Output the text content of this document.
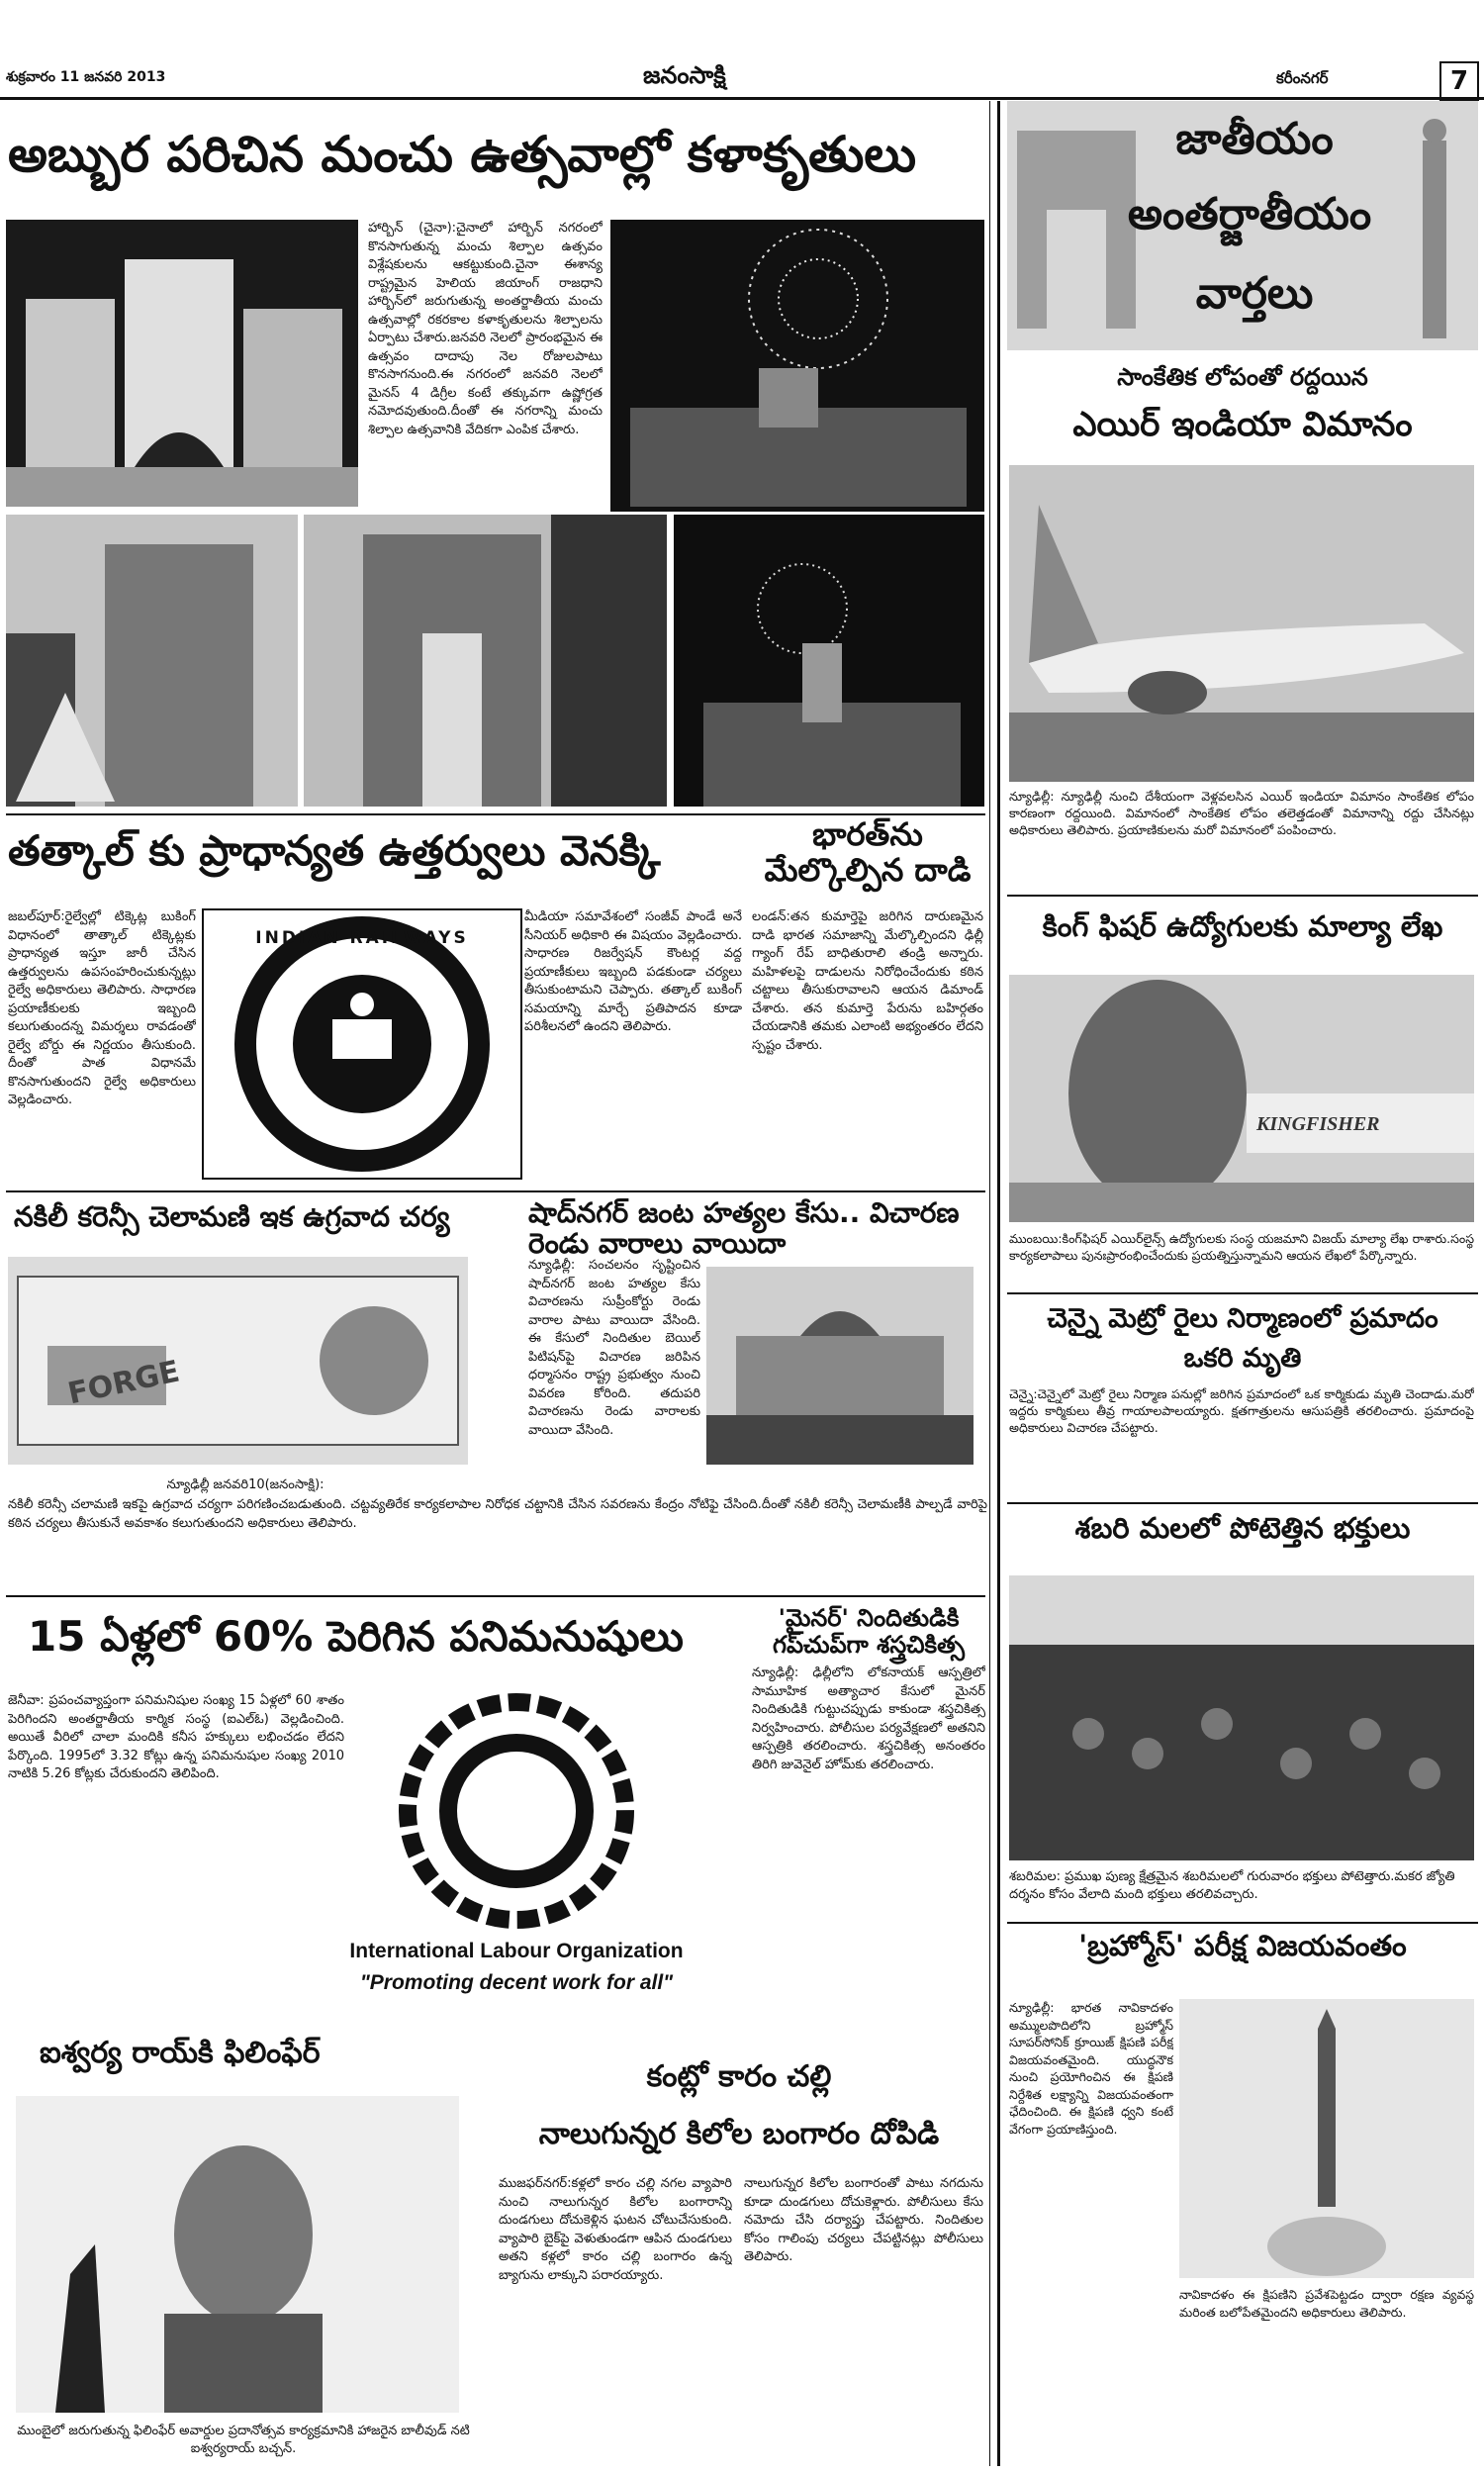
శుక్రవారం 11 జనవరి 2013	జనంసాక్షి	కరీంనగర్	7
అబ్బుర పరిచిన మంచు ఉత్సవాల్లో కళాకృతులు
హార్బిన్ (చైనా):చైనాలో హార్బిన్ నగరంలో కొనసాగుతున్న మంచు శిల్పాల ఉత్సవం విశ్లేషకులను ఆకట్టుకుంది.చైనా ఈశాన్య రాష్ట్రమైన హెలియ జియాంగ్ రాజధాని హార్బిన్‌లో జరుగుతున్న అంతర్జాతీయ మంచు ఉత్సవాల్లో రకరకాల కళాకృతులను శిల్పాలను ఏర్పాటు చేశారు.జనవరి నెలలో ప్రారంభమైన ఈ ఉత్సవం దాదాపు నెల రోజులపాటు కొనసాగనుంది.ఈ నగరంలో జనవరి నెలలో మైనస్ 4 డిగ్రీల కంటే తక్కువగా ఉష్ణోగ్రత నమోదవుతుంది.దీంతో ఈ నగరాన్ని మంచు శిల్పాల ఉత్సవానికి వేదికగా ఎంపిక చేశారు.
తత్కాల్ కు ప్రాధాన్యత ఉత్తర్వులు వెనక్కి	భారత్‌ను మేల్కొల్పిన దాడి
జబల్‌పూర్:రైల్వేల్లో టిక్కెట్ల బుకింగ్ విధానంలో తాత్కాల్ టిక్కెట్లకు ప్రాధాన్యత ఇస్తూ జారీ చేసిన ఉత్తర్వులను ఉపసంహరించుకున్నట్లు రైల్వే అధికారులు తెలిపారు. సాధారణ ప్రయాణీకులకు ఇబ్బంది కలుగుతుందన్న విమర్శలు రావడంతో రైల్వే బోర్డు ఈ నిర్ణయం తీసుకుంది. దీంతో పాత విధానమే కొనసాగుతుందని రైల్వే అధికారులు వెల్లడించారు.
INDIAN RAILWAYS
మీడియా సమావేశంలో సంజీవ్ పాండే అనే సీనియర్ అధికారి ఈ విషయం వెల్లడించారు. సాధారణ రిజర్వేషన్ కౌంటర్ల వద్ద ప్రయాణీకులు ఇబ్బంది పడకుండా చర్యలు తీసుకుంటామని చెప్పారు. తత్కాల్ బుకింగ్ సమయాన్ని మార్చే ప్రతిపాదన కూడా పరిశీలనలో ఉందని తెలిపారు.
లండన్:తన కుమార్తెపై జరిగిన దారుణమైన దాడి భారత సమాజాన్ని మేల్కొల్పిందని ఢిల్లీ గ్యాంగ్ రేప్ బాధితురాలి తండ్రి అన్నారు. మహిళలపై దాడులను నిరోధించేందుకు కఠిన చట్టాలు తీసుకురావాలని ఆయన డిమాండ్ చేశారు. తన కుమార్తె పేరును బహిర్గతం చేయడానికి తమకు ఎలాంటి అభ్యంతరం లేదని స్పష్టం చేశారు.
నకిలీ కరెన్సీ చెలామణి ఇక ఉగ్రవాద చర్య	షాద్‌నగర్ జంట హత్యల కేసు.. విచారణ రెండు వారాలు వాయిదా
FORGE
న్యూఢిల్లీ జనవరి10(జనంసాక్షి):
నకిలీ కరెన్సీ చలామణి ఇకపై ఉగ్రవాద చర్యగా పరిగణించబడుతుంది. చట్టవ్యతిరేక కార్యకలాపాల నిరోధక చట్టానికి చేసిన సవరణను కేంద్రం నోటిఫై చేసింది.దీంతో నకిలీ కరెన్సీ చెలామణీకి పాల్పడే వారిపై కఠిన చర్యలు తీసుకునే అవకాశం కలుగుతుందని అధికారులు తెలిపారు.
న్యూఢిల్లీ: సంచలనం సృష్టించిన షాద్‌నగర్ జంట హత్యల కేసు విచారణను సుప్రీంకోర్టు రెండు వారాల పాటు వాయిదా వేసింది. ఈ కేసులో నిందితుల బెయిల్ పిటిషన్‌పై విచారణ జరిపిన ధర్మాసనం రాష్ట్ర ప్రభుత్వం నుంచి వివరణ కోరింది. తదుపరి విచారణను రెండు వారాలకు వాయిదా వేసింది.
15 ఏళ్లలో 60% పెరిగిన పనిమనుషులు	'మైనర్' నిందితుడికి గప్‌చుప్‌గా శస్త్రచికిత్స
జెనీవా: ప్రపంచవ్యాప్తంగా పనిమనిషుల సంఖ్య 15 ఏళ్లలో 60 శాతం పెరిగిందని అంతర్జాతీయ కార్మిక సంస్థ (ఐఎల్‌ఓ) వెల్లడించింది. అయితే వీరిలో చాలా మందికి కనీస హక్కులు లభించడం లేదని పేర్కొంది. 1995లో 3.32 కోట్లు ఉన్న పనిమనుషుల సంఖ్య 2010 నాటికి 5.26 కోట్లకు చేరుకుందని తెలిపింది.
International Labour Organization
"Promoting decent work for all"
న్యూఢిల్లీ: ఢిల్లీలోని లోకనాయక్ ఆస్పత్రిలో సామూహిక అత్యాచార కేసులో మైనర్ నిందితుడికి గుట్టుచప్పుడు కాకుండా శస్త్రచికిత్స నిర్వహించారు. పోలీసుల పర్యవేక్షణలో అతనిని ఆస్పత్రికి తరలించారు. శస్త్రచికిత్స అనంతరం తిరిగి జువెనైల్ హోమ్‌కు తరలించారు.
ఐశ్వర్య రాయ్‌కి ఫిలింఫేర్
ముంబైలో జరుగుతున్న ఫిలింఫేర్ అవార్డుల ప్రదానోత్సవ కార్యక్రమానికి హాజరైన బాలీవుడ్ నటి ఐశ్వర్యరాయ్ బచ్చన్.
కంట్లో కారం చల్లి
నాలుగున్నర కిలోల బంగారం దోపిడి
ముజఫర్‌నగర్:కళ్లలో కారం చల్లి నగల వ్యాపారి నుంచి నాలుగున్నర కిలోల బంగారాన్ని దుండగులు దోచుకెళ్లిన ఘటన చోటుచేసుకుంది. వ్యాపారి బైక్‌పై వెళుతుండగా ఆపిన దుండగులు అతని కళ్లలో కారం చల్లి బంగారం ఉన్న బ్యాగును లాక్కుని పరారయ్యారు.
నాలుగున్నర కిలోల బంగారంతో పాటు నగదును కూడా దుండగులు దోచుకెళ్లారు. పోలీసులు కేసు నమోదు చేసి దర్యాప్తు చేపట్టారు. నిందితుల కోసం గాలింపు చర్యలు చేపట్టినట్లు పోలీసులు తెలిపారు.
జాతీయం
అంతర్జాతీయం
వార్తలు
సాంకేతిక లోపంతో రద్దయిన
ఎయిర్ ఇండియా విమానం
న్యూఢిల్లీ: న్యూఢిల్లీ నుంచి దేశీయంగా వెళ్లవలసిన ఎయిర్ ఇండియా విమానం సాంకేతిక లోపం కారణంగా రద్దయింది. విమానంలో సాంకేతిక లోపం తలెత్తడంతో విమానాన్ని రద్దు చేసినట్లు అధికారులు తెలిపారు. ప్రయాణికులను మరో విమానంలో పంపించారు.
కింగ్ ఫిషర్ ఉద్యోగులకు మాల్యా లేఖ
KINGFISHER
ముంబయి:కింగ్‌ఫిషర్ ఎయిర్‌లైన్స్ ఉద్యోగులకు సంస్థ యజమాని విజయ్ మాల్యా లేఖ రాశారు.సంస్థ కార్యకలాపాలు పునఃప్రారంభించేందుకు ప్రయత్నిస్తున్నామని ఆయన లేఖలో పేర్కొన్నారు.
చెన్నై మెట్రో రైలు నిర్మాణంలో ప్రమాదం
ఒకరి మృతి
చెన్నై:చెన్నైలో మెట్రో రైలు నిర్మాణ పనుల్లో జరిగిన ప్రమాదంలో ఒక కార్మికుడు మృతి చెందాడు.మరో ఇద్దరు కార్మికులు తీవ్ర గాయాలపాలయ్యారు. క్షతగాత్రులను ఆసుపత్రికి తరలించారు. ప్రమాదంపై అధికారులు విచారణ చేపట్టారు.
శబరి మలలో పోటెత్తిన భక్తులు
శబరిమల: ప్రముఖ పుణ్య క్షేత్రమైన శబరిమలలో గురువారం భక్తులు పోటెత్తారు.మకర జ్యోతి దర్శనం కోసం వేలాది మంది భక్తులు తరలివచ్చారు.
'బ్రహ్మోస్' పరీక్ష విజయవంతం
న్యూఢిల్లీ: భారత నావికాదళం అమ్ములపొదిలోని బ్రహ్మోస్ సూపర్‌సోనిక్ క్రూయిజ్ క్షిపణి పరీక్ష విజయవంతమైంది. యుద్ధనౌక నుంచి ప్రయోగించిన ఈ క్షిపణి నిర్దేశిత లక్ష్యాన్ని విజయవంతంగా ఛేదించింది. ఈ క్షిపణి ధ్వని కంటే వేగంగా ప్రయాణిస్తుంది.
నావికాదళం ఈ క్షిపణిని ప్రవేశపెట్టడం ద్వారా రక్షణ వ్యవస్థ మరింత బలోపేతమైందని అధికారులు తెలిపారు.
